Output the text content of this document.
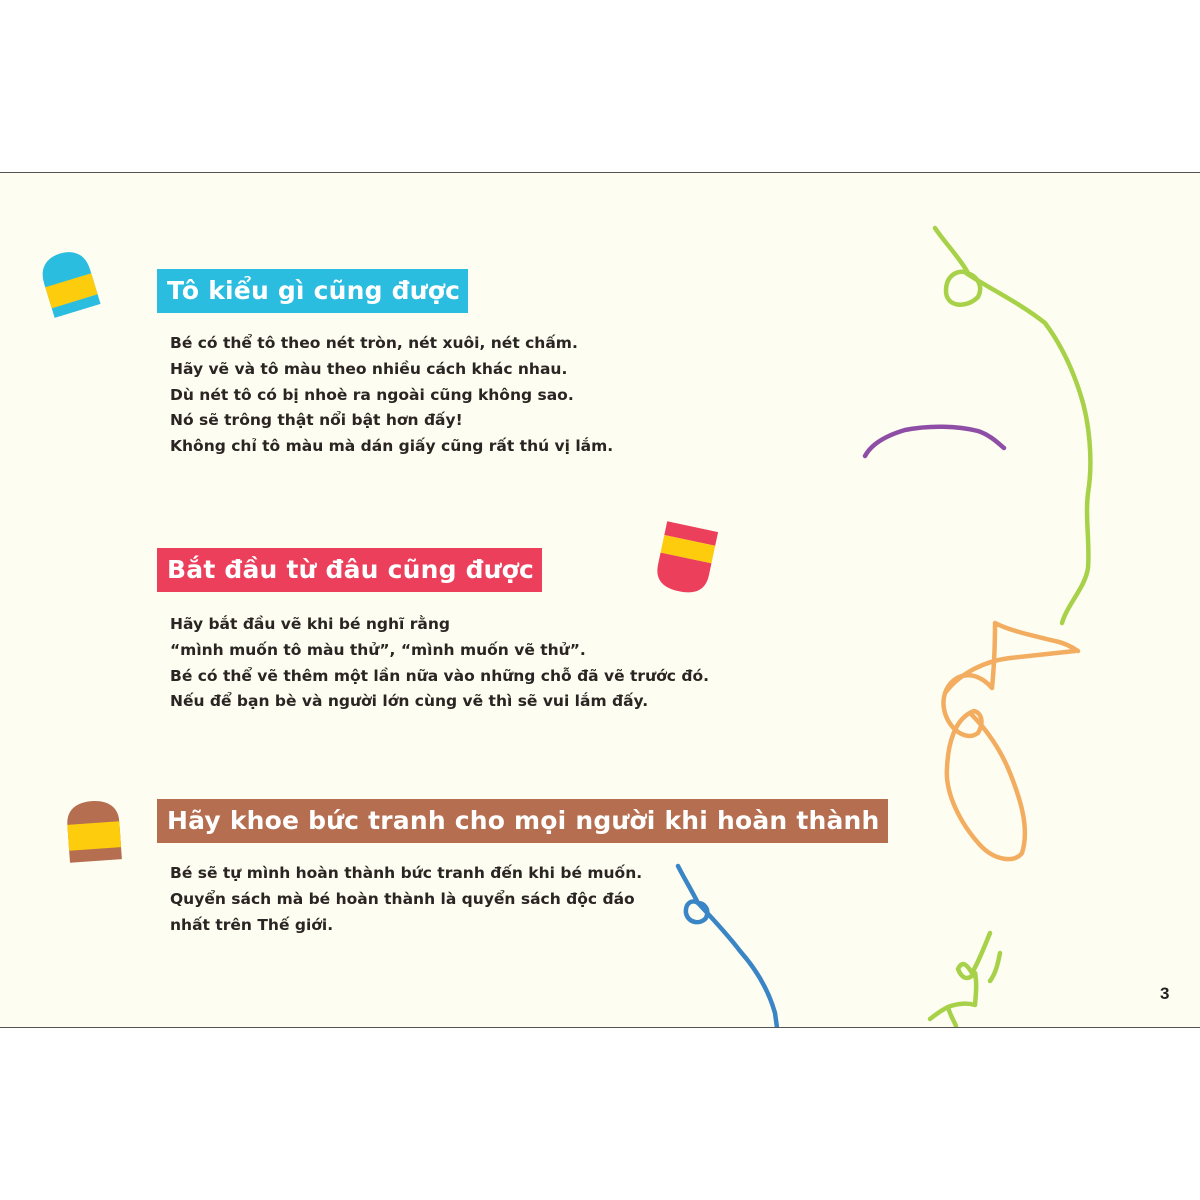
Tô kiểu gì cũng được
Bé có thể tô theo nét tròn, nét xuôi, nét chấm.
Hãy vẽ và tô màu theo nhiều cách khác nhau.
Dù nét tô có bị nhoè ra ngoài cũng không sao.
Nó sẽ trông thật nổi bật hơn đấy!
Không chỉ tô màu mà dán giấy cũng rất thú vị lắm.
Bắt đầu từ đâu cũng được
Hãy bắt đầu vẽ khi bé nghĩ rằng
“mình muốn tô màu thử”, “mình muốn vẽ thử”.
Bé có thể vẽ thêm một lần nữa vào những chỗ đã vẽ trước đó.
Nếu để bạn bè và người lớn cùng vẽ thì sẽ vui lắm đấy.
Hãy khoe bức tranh cho mọi người khi hoàn thành
Bé sẽ tự mình hoàn thành bức tranh đến khi bé muốn.
Quyển sách mà bé hoàn thành là quyển sách độc đáo
nhất trên Thế giới.
3
